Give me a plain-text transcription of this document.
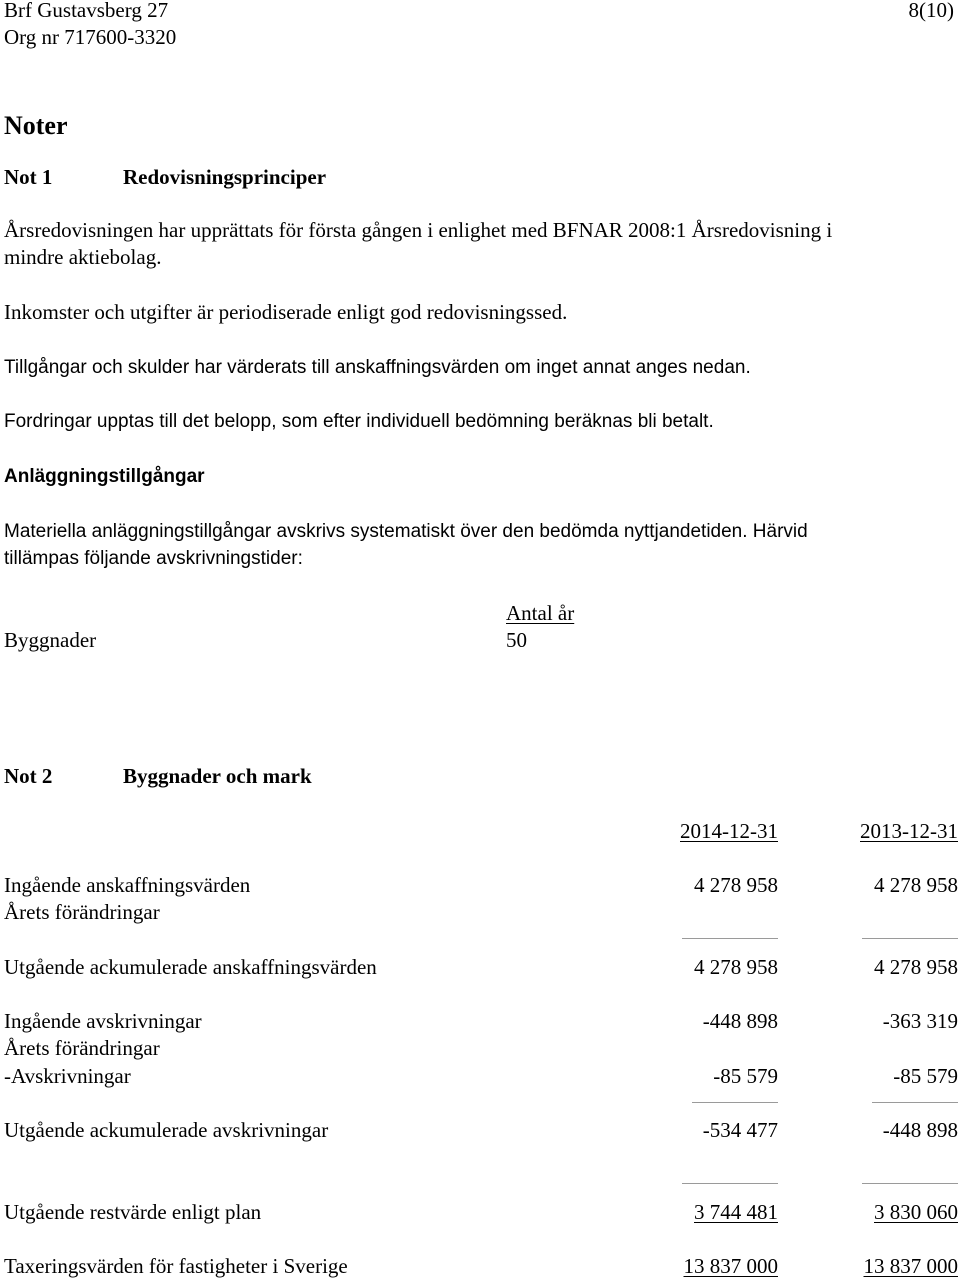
Brf Gustavsberg 27
Org nr 717600-3320
8(10)
Noter
Not 1	Redovisningsprinciper
Årsredovisningen har upprättats för första gången i enlighet med BFNAR 2008:1 Årsredovisning i
mindre aktiebolag.
Inkomster och utgifter är periodiserade enligt god redovisningssed.
Tillgångar och skulder har värderats till anskaffningsvärden om inget annat anges nedan.
Fordringar upptas till det belopp, som efter individuell bedömning beräknas bli betalt.
Anläggningstillgångar
Materiella anläggningstillgångar avskrivs systematiskt över den bedömda nyttjandetiden. Härvid
tillämpas följande avskrivningstider:
Antal år
Byggnader	50
Not 2	Byggnader och mark
2014-12-31	2013-12-31
Ingående anskaffningsvärden	4 278 958	4 278 958
Årets förändringar
Utgående ackumulerade anskaffningsvärden	4 278 958	4 278 958
Ingående avskrivningar	-448 898	-363 319
Årets förändringar
-Avskrivningar	-85 579	-85 579
Utgående ackumulerade avskrivningar	-534 477	-448 898
Utgående restvärde enligt plan	3 744 481	3 830 060
Taxeringsvärden för fastigheter i Sverige	13 837 000	13 837 000
